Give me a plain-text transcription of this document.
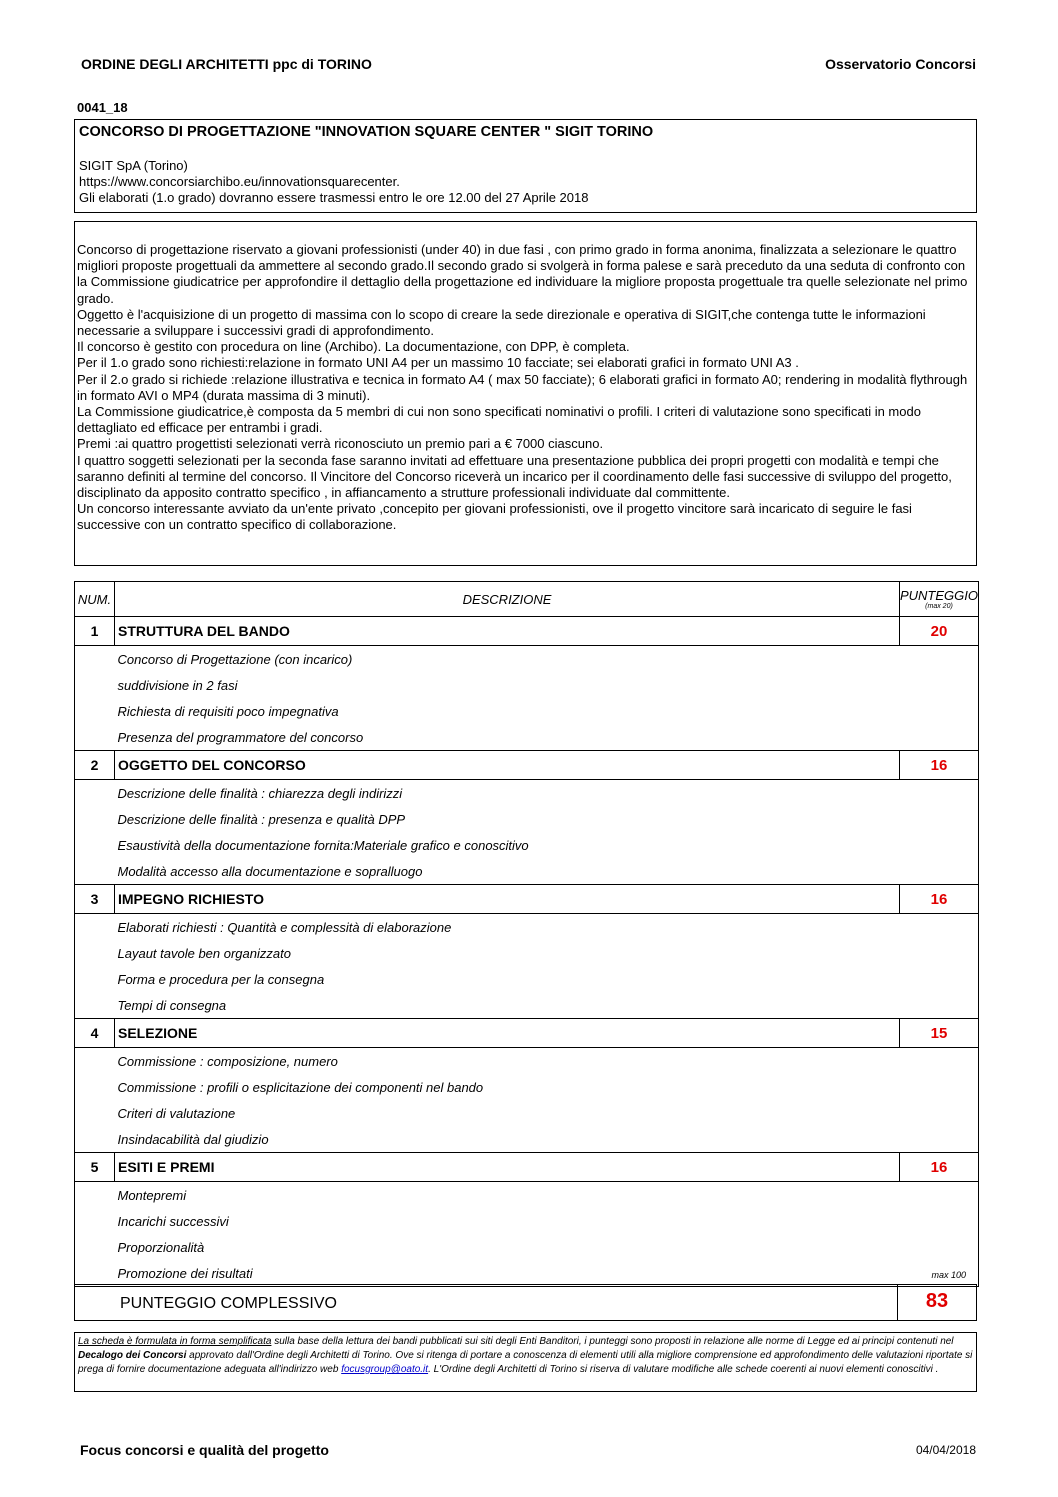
ORDINE DEGLI ARCHITETTI ppc di TORINO	Osservatorio Concorsi
0041_18
CONCORSO DI PROGETTAZIONE "INNOVATION SQUARE CENTER " SIGIT TORINO
SIGIT SpA (Torino)
https://www.concorsiarchibo.eu/innovationsquarecenter.
Gli elaborati (1.o grado) dovranno essere trasmessi entro le ore 12.00 del 27 Aprile 2018

Concorso di progettazione riservato a giovani professionisti (under 40) in due fasi , con primo grado in forma anonima, finalizzata a selezionare le quattro migliori proposte progettuali da ammettere al secondo grado.Il secondo grado si svolgerà in forma palese e sarà preceduto da una seduta di confronto con la Commissione giudicatrice per approfondire il dettaglio della progettazione ed individuare la migliore proposta progettuale tra quelle selezionate nel primo grado.

Oggetto è l'acquisizione di un progetto di massima con lo scopo di creare la sede direzionale e operativa di SIGIT,che contenga tutte le informazioni necessarie a sviluppare i successivi gradi di approfondimento.

Il concorso è gestito con procedura on line (Archibo). La documentazione, con DPP, è completa.

Per il 1.o grado sono richiesti:relazione in formato UNI A4 per un massimo 10 facciate; sei elaborati grafici in formato UNI A3 .

Per il 2.o grado si richiede :relazione illustrativa e tecnica in formato A4 ( max 50 facciate); 6 elaborati grafici in formato A0; rendering in modalità flythrough in formato AVI o MP4 (durata massima di 3 minuti).

La Commissione giudicatrice,è composta da 5 membri di cui non sono specificati nominativi o profili. I criteri di valutazione sono specificati in modo dettagliato ed efficace per entrambi i gradi.

Premi :ai quattro progettisti selezionati verrà riconosciuto un premio pari a € 7000 ciascuno.

I quattro soggetti selezionati per la seconda fase saranno invitati ad effettuare una presentazione pubblica dei propri progetti con modalità e tempi che saranno definiti al termine del concorso. Il Vincitore del Concorso riceverà un incarico per il coordinamento delle fasi successive di sviluppo del progetto, disciplinato da apposito contratto specifico , in affiancamento a strutture professionali individuate dal committente.

Un concorso interessante avviato da un'ente privato ,concepito per giovani professionisti, ove il progetto vincitore sarà incaricato di seguire le fasi successive con un contratto specifico di collaborazione.

NUM.	DESCRIZIONE	PUNTEGGIO
(max 20)

1	STRUTTURA DEL BANDO	20
	Concorso di Progettazione (con incarico)	
	suddivisione in 2 fasi	
	Richiesta di requisiti poco impegnativa	
	Presenza del programmatore del concorso	
2	OGGETTO DEL CONCORSO	16
	Descrizione delle finalità : chiarezza degli indirizzi	
	Descrizione delle finalità : presenza e qualità DPP	
	Esaustività della documentazione fornita:Materiale grafico e conoscitivo	
	Modalità accesso alla documentazione e sopralluogo	
3	IMPEGNO RICHIESTO	16
	Elaborati richiesti : Quantità e complessità di elaborazione	
	Layaut tavole ben organizzato	
	Forma e procedura per la consegna	
	Tempi di consegna	
4	SELEZIONE	15
	Commissione : composizione, numero	
	Commissione : profili o esplicitazione dei componenti nel bando	
	Criteri di valutazione	
	Insindacabilità dal giudizio	
5	ESITI E PREMI	16
	Montepremi	
	Incarichi successivi	
	Proporzionalità	
	Promozione dei risultati		max 100
PUNTEGGIO COMPLESSIVO	83
La scheda è formulata in forma semplificata sulla base della lettura dei bandi pubblicati sui siti degli Enti Banditori, i punteggi sono proposti in relazione alle norme di Legge ed ai principi contenuti nel Decalogo dei Concorsi approvato dall'Ordine degli Architetti di Torino. Ove si ritenga di portare a conoscenza di elementi utili alla migliore comprensione ed approfondimento delle valutazioni riportate si prega di fornire documentazione adeguata all'indirizzo web focusgroup@oato.it. L'Ordine degli Architetti di Torino si riserva di valutare modifiche alle schede coerenti ai nuovi elementi conoscitivi .
Focus concorsi e qualità del progetto	04/04/2018
